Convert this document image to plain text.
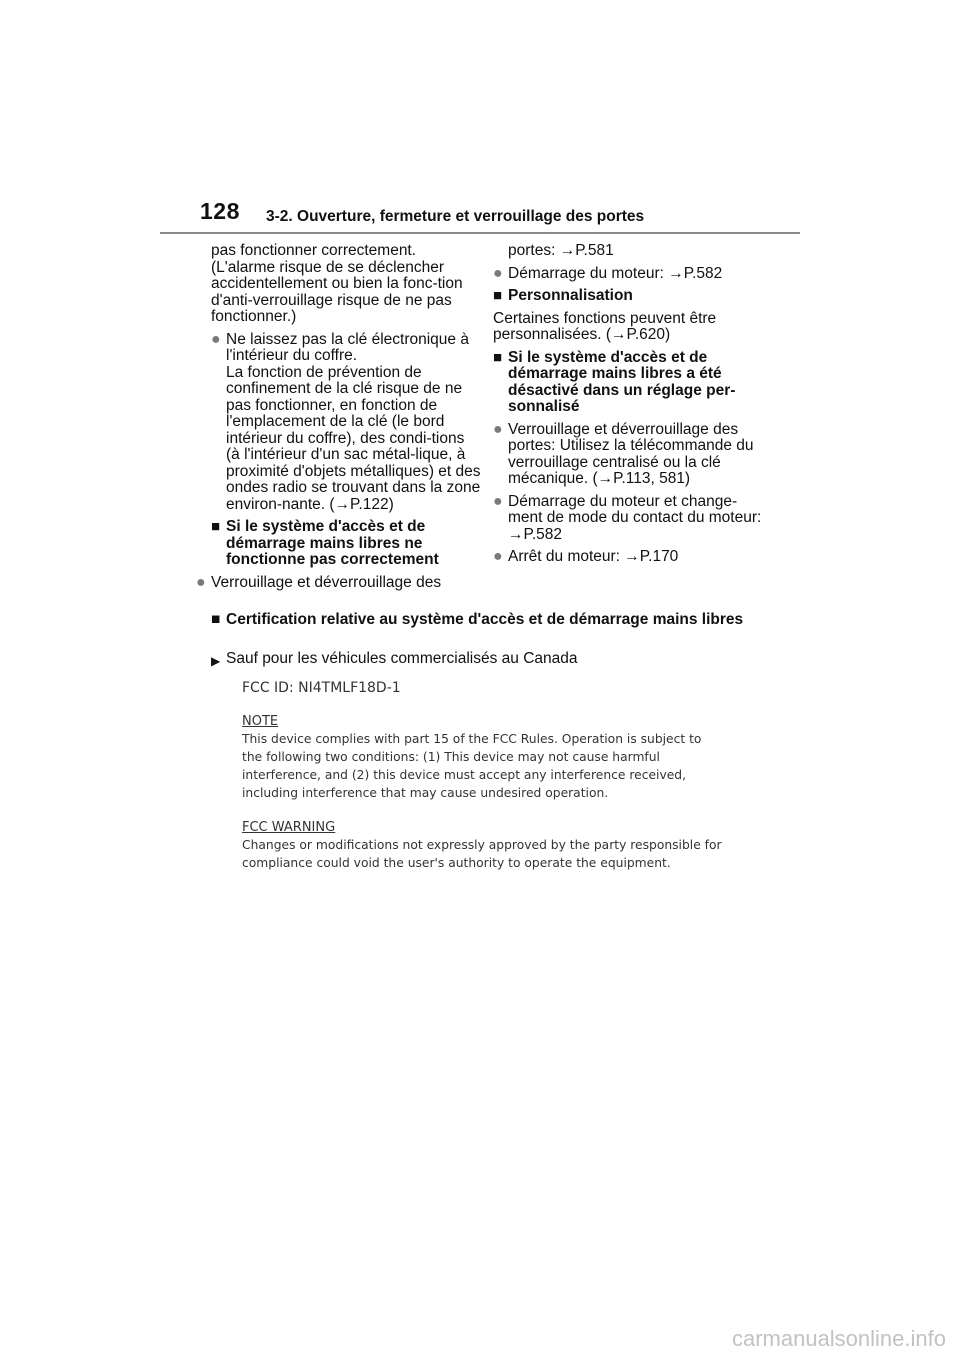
128 3-2. Ouverture, fermeture et verrouillage des portes

pas fonctionner correctement. (L'alarme risque de se déclencher accidentellement ou bien la fonc-tion d'anti-verrouillage risque de ne pas fonctionner.)

● Ne laissez pas la clé électronique à l'intérieur du coffre.
La fonction de prévention de confinement de la clé risque de ne pas fonctionner, en fonction de l'emplacement de la clé (le bord intérieur du coffre), des condi-tions (à l'intérieur d'un sac métal-lique, à proximité d'objets métalliques) et des ondes radio se trouvant dans la zone environ-nante. (→P.122)
■ Si le système d'accès et de démarrage mains libres ne fonctionne pas correctement
● Verrouillage et déverrouillage des

portes: →P.581

● Démarrage du moteur: →P.582
■ Personnalisation

Certaines fonctions peuvent être personnalisées. (→P.620)

■ Si le système d'accès et de démarrage mains libres a été désactivé dans un réglage per-sonnalisé
● Verrouillage et déverrouillage des portes: Utilisez la télécommande du verrouillage centralisé ou la clé mécanique. (→P.113, 581)
● Démarrage du moteur et change-ment de mode du contact du moteur: →P.582
● Arrêt du moteur: →P.170
■ Certification relative au système d'accès et de démarrage mains libres
▶ Sauf pour les véhicules commercialisés au Canada
FCC ID: NI4TMLF18D-1
NOTE
This device complies with part 15 of the FCC Rules. Operation is subject to the following two conditions: (1) This device may not cause harmful interference, and (2) this device must accept any interference received, including interference that may cause undesired operation.
FCC WARNING
Changes or modifications not expressly approved by the party responsible for compliance could void the user's authority to operate the equipment.
carmanualsonline.info
